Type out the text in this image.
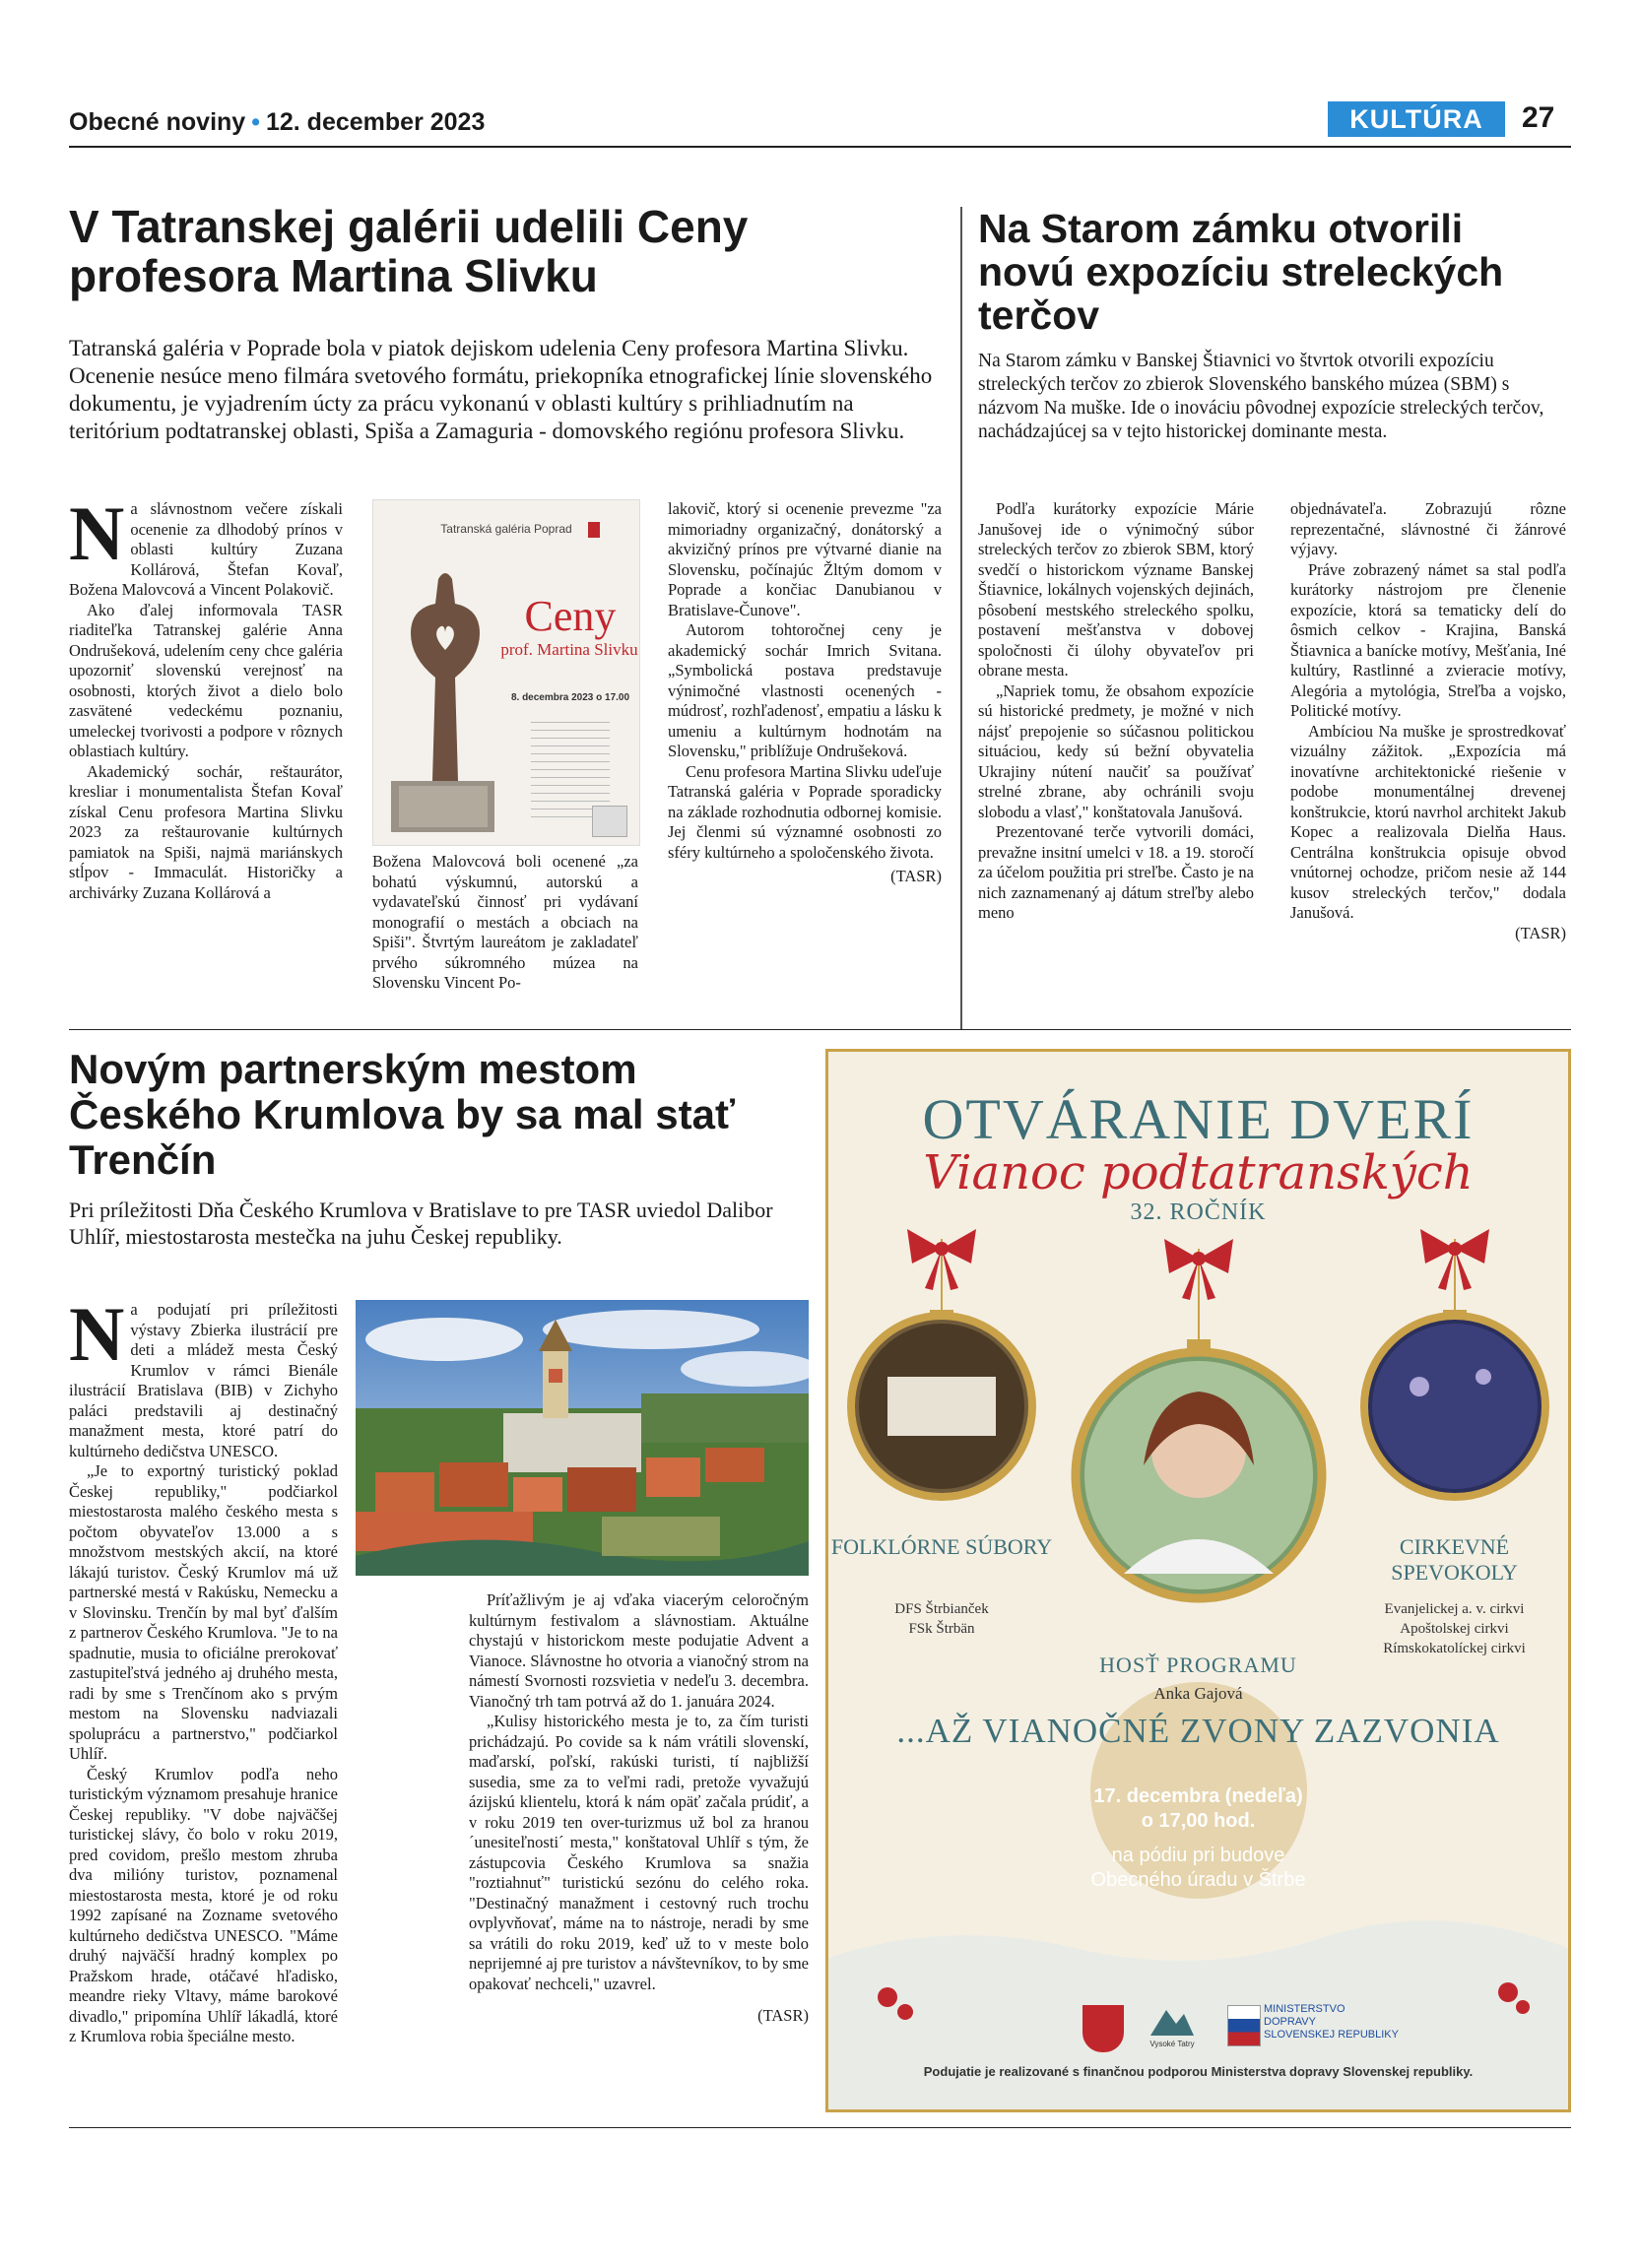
Obecné noviny • 12. december 2023	KULTÚRA	27
V Tatranskej galérii udelili Ceny profesora Martina Slivku
Tatranská galéria v Poprade bola v piatok dejiskom udelenia Ceny profesora Martina Slivku. Ocenenie nesúce meno filmára svetového formátu, priekopníka etnografickej línie slovenského dokumentu, je vyjadrením úcty za prácu vykonanú v oblasti kultúry s prihliadnutím na teritórium podtatranskej oblasti, Spiša a Zamaguria - domovského regiónu profesora Slivku.
N a slávnostnom večere získali ocenenie za dlhodobý prínos v oblasti kultúry Zuzana Kollárová, Štefan Kovaľ, Božena Malovcová a Vincent Polakovič.

Ako ďalej informovala TASR riaditeľka Tatranskej galérie Anna Ondrušeková, udelením ceny chce galéria upozorniť slovenskú verejnosť na osobnosti, ktorých život a dielo bolo zasvätené vedeckému poznaniu, umeleckej tvorivosti a podpore v rôznych oblastiach kultúry.

Akademický sochár, reštaurátor, kresliar i monumentalista Štefan Kovaľ získal Cenu profesora Martina Slivku 2023 za reštaurovanie kultúrnych pamiatok na Spiši, najmä mariánskych stĺpov - Immaculát. Historičky a archivárky Zuzana Kollárová a

Tatranská galéria Poprad
Ceny
prof. Martina Slivku
8. decembra 2023 o 17.00

Božena Malovcová boli ocenené „za bohatú výskumnú, autorskú a vydavateľskú činnosť pri vydávaní monografií o mestách a obciach na Spiši". Štvrtým laureátom je zakladateľ prvého súkromného múzea na Slovensku Vincent Po-

lakovič, ktorý si ocenenie prevezme "za mimoriadny organizačný, donátorský a akvizičný prínos pre výtvarné dianie na Slovensku, počínajúc Žltým domom v Poprade a končiac Danubianou v Bratislave-Čunove".

Autorom tohtoročnej ceny je akademický sochár Imrich Svitana. „Symbolická postava predstavuje výnimočné vlastnosti ocenených - múdrosť, rozhľadenosť, empatiu a lásku k umeniu a kultúrnym hodnotám na Slovensku," priblížuje Ondrušeková.

Cenu profesora Martina Slivku udeľuje Tatranská galéria v Poprade sporadicky na základe rozhodnutia odbornej komisie. Jej členmi sú významné osobnosti zo sféry kultúrneho a spoločenského života.

(TASR)
Na Starom zámku otvorili novú expozíciu streleckých terčov
Na Starom zámku v Banskej Štiavnici vo štvrtok otvorili expozíciu streleckých terčov zo zbierok Slovenského banského múzea (SBM) s názvom Na muške. Ide o inováciu pôvodnej expozície streleckých terčov, nachádzajúcej sa v tejto historickej dominante mesta.

Podľa kurátorky expozície Márie Janušovej ide o výnimočný súbor streleckých terčov zo zbierok SBM, ktorý svedčí o historickom význame Banskej Štiavnice, lokálnych vojenských dejinách, pôsobení mestského streleckého spolku, postavení mešťanstva v dobovej spoločnosti či úlohy obyvateľov pri obrane mesta.

„Napriek tomu, že obsahom expozície sú historické predmety, je možné v nich nájsť prepojenie so súčasnou politickou situáciou, kedy sú bežní obyvatelia Ukrajiny nútení naučiť sa používať strelné zbrane, aby ochránili svoju slobodu a vlasť," konštatovala Janušová.

Prezentované terče vytvorili domáci, prevažne insitní umelci v 18. a 19. storočí za účelom použitia pri streľbe. Často je na nich zaznamenaný aj dátum streľby alebo meno

objednávateľa. Zobrazujú rôzne reprezentačné, slávnostné či žánrové výjavy.

Práve zobrazený námet sa stal podľa kurátorky nástrojom pre členenie expozície, ktorá sa tematicky delí do ôsmich celkov - Krajina, Banská Štiavnica a banícke motívy, Mešťania, Iné kultúry, Rastlinné a zvieracie motívy, Alegória a mytológia, Streľba a vojsko, Politické motívy.

Ambíciou Na muške je sprostredkovať vizuálny zážitok. „Expozícia má inovatívne architektonické riešenie v podobe monumentálnej drevenej konštrukcie, ktorú navrhol architekt Jakub Kopec a realizovala Dielňa Haus. Centrálna konštrukcia opisuje obvod vnútornej ochodze, pričom nesie až 144 kusov streleckých terčov," dodala Janušová.

(TASR)
Novým partnerským mestom Českého Krumlova by sa mal stať Trenčín
Pri príležitosti Dňa Českého Krumlova v Bratislave to pre TASR uviedol Dalibor Uhlíř, miestostarosta mestečka na juhu Českej republiky.
N a podujatí pri príležitosti výstavy Zbierka ilustrácií pre deti a mládež mesta Český Krumlov v rámci Bienále ilustrácií Bratislava (BIB) v Zichyho paláci predstavili aj destinačný manažment mesta, ktoré patrí do kultúrneho dedičstva UNESCO.

„Je to exportný turistický poklad Českej republiky," podčiarkol miestostarosta malého českého mesta s počtom obyvateľov 13.000 a s množstvom mestských akcií, na ktoré lákajú turistov. Český Krumlov má už partnerské mestá v Rakúsku, Nemecku a v Slovinsku. Trenčín by mal byť ďalším z partnerov Českého Krumlova. "Je to na spadnutie, musia to oficiálne prerokovať zastupiteľstvá jedného aj druhého mesta, radi by sme s Trenčínom ako s prvým mestom na Slovensku nadviazali spoluprácu a partnerstvo," podčiarkol Uhlíř.

Český Krumlov podľa neho turistickým významom presahuje hranice Českej republiky. "V dobe najväčšej turistickej slávy, čo bolo v roku 2019, pred covidom, prešlo mestom zhruba dva milióny turistov, poznamenal miestostarosta mesta, ktoré je od roku 1992 zapísané na Zozname svetového kultúrneho dedičstva UNESCO. "Máme druhý najväčší hradný komplex po Pražskom hrade, otáčavé hľadisko, meandre rieky Vltavy, máme barokové divadlo," pripomína Uhlíř lákadlá, ktoré z Krumlova robia špeciálne mesto.

Príťažlivým je aj vďaka viacerým celoročným kultúrnym festivalom a slávnostiam. Aktuálne chystajú v historickom meste podujatie Advent a Vianoce. Slávnostne ho otvoria a vianočný strom na námestí Svornosti rozsvietia v nedeľu 3. decembra. Vianočný trh tam potrvá až do 1. januára 2024.

„Kulisy historického mesta je to, za čím turisti prichádzajú. Po covide sa k nám vrátili slovenskí, maďarskí, poľskí, rakúski turisti, tí najbližší susedia, sme za to veľmi radi, pretože vyvažujú ázijskú klientelu, ktorá k nám opäť začala prúdiť, a v roku 2019 ten over-turizmus už bol za hranou ´unesiteľnosti´ mesta," konštatoval Uhlíř s tým, že zástupcovia Českého Krumlova sa snažia "roztiahnuť" turistickú sezónu do celého roka. "Destinačný manažment i cestovný ruch trochu ovplyvňovať, máme na to nástroje, neradi by sme sa vrátili do roku 2019, keď už to v meste bolo neprijemné aj pre turistov a návštevníkov, to by sme opakovať nechceli," uzavrel.

(TASR)
OTVÁRANIE DVERÍ
Vianoc podtatranských
32. ROČNÍK
FOLKLÓRNE SÚBORY
DFS Štrbianček
FSk Štrbän
CIRKEVNÉ SPEVOKOLY
Evanjelickej a. v. cirkvi
Apoštolskej cirkvi
Rímskokatolíckej cirkvi
HOSŤ PROGRAMU
Anka Gajová
...AŽ VIANOČNÉ ZVONY ZAZVONIA
17. decembra (nedeľa)
o 17,00 hod.
na pódiu pri budove
Obecného úradu v Štrbe
Vysoké Tatry
MINISTERSTVO
DOPRAVY
SLOVENSKEJ REPUBLIKY
Podujatie je realizované s finančnou podporou Ministerstva dopravy Slovenskej republiky.
